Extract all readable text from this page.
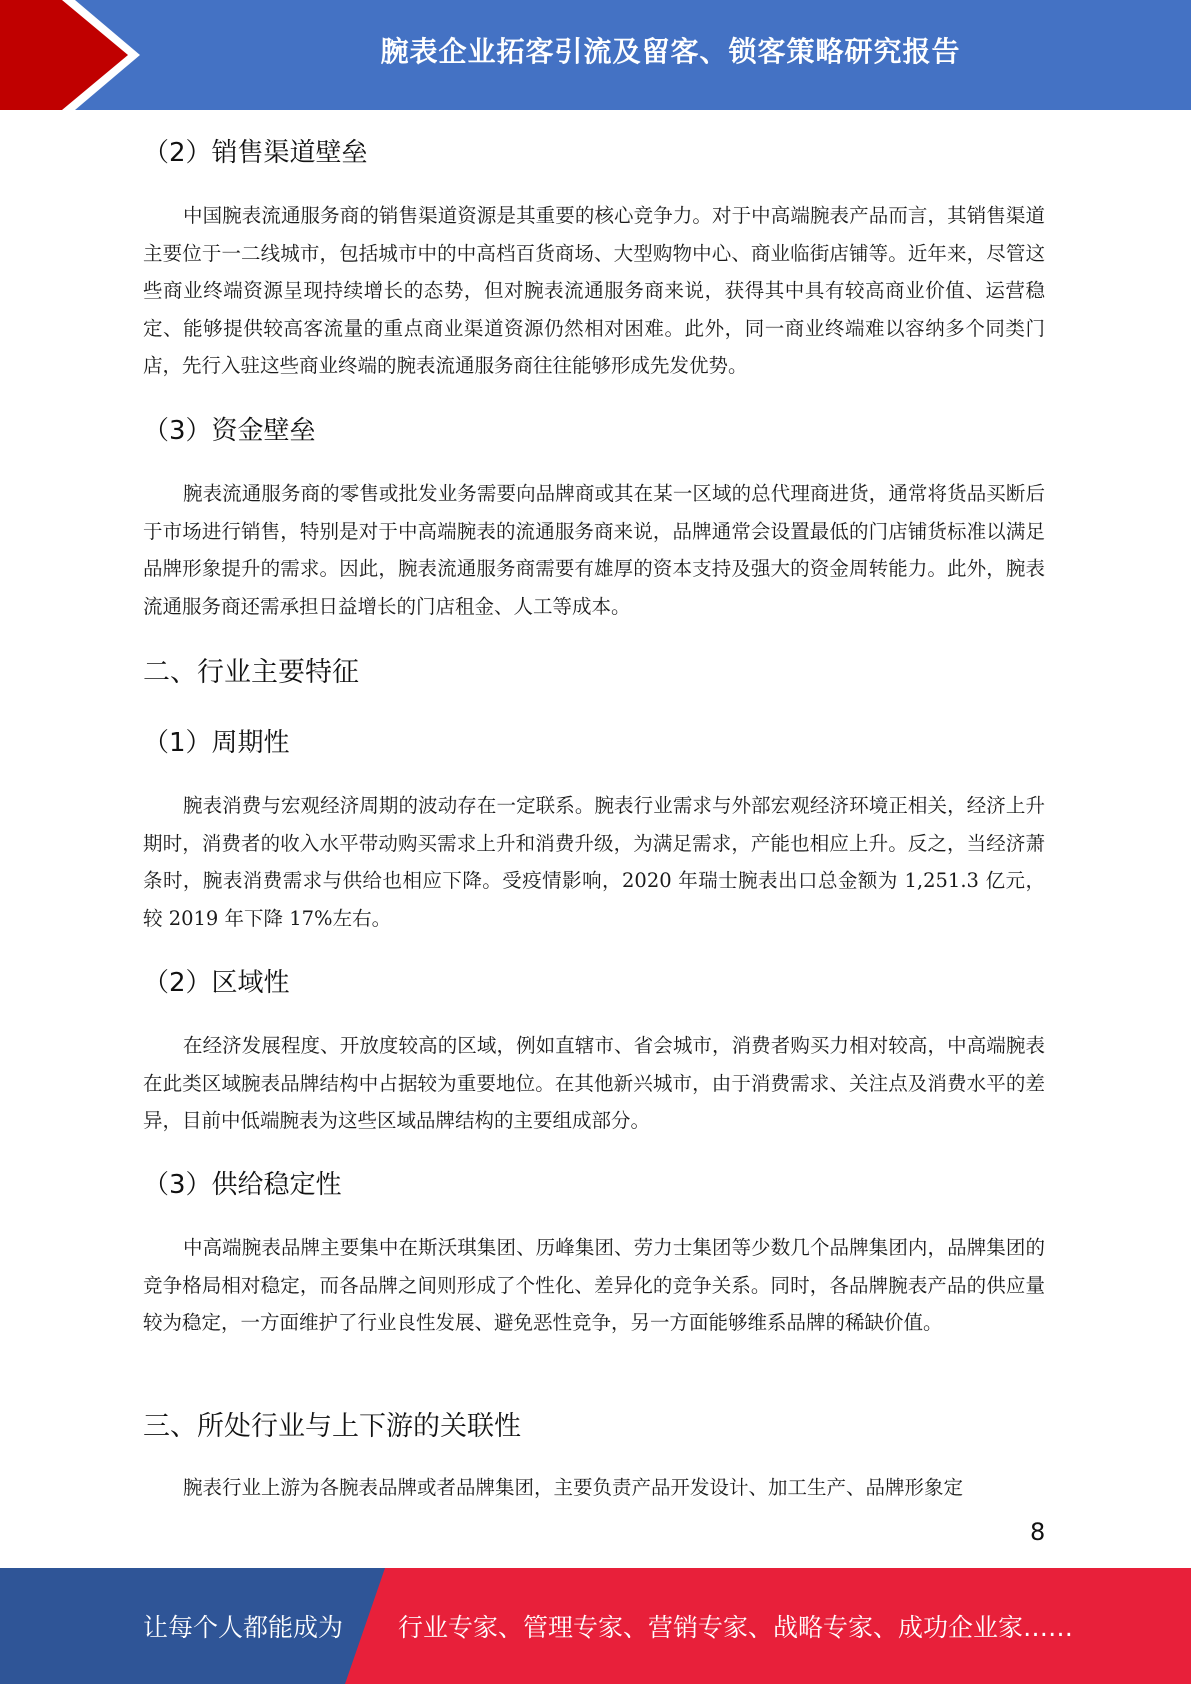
腕表企业拓客引流及留客、锁客策略研究报告
（2）销售渠道壁垒
中国腕表流通服务商的销售渠道资源是其重要的核心竞争力。对于中高端腕表产品而言，其销售渠道主要位于一二线城市，包括城市中的中高档百货商场、大型购物中心、商业临街店铺等。近年来，尽管这些商业终端资源呈现持续增长的态势，但对腕表流通服务商来说，获得其中具有较高商业价值、运营稳定、能够提供较高客流量的重点商业渠道资源仍然相对困难。此外，同一商业终端难以容纳多个同类门店，先行入驻这些商业终端的腕表流通服务商往往能够形成先发优势。
（3）资金壁垒
腕表流通服务商的零售或批发业务需要向品牌商或其在某一区域的总代理商进货，通常将货品买断后于市场进行销售，特别是对于中高端腕表的流通服务商来说，品牌通常会设置最低的门店铺货标准以满足品牌形象提升的需求。因此，腕表流通服务商需要有雄厚的资本支持及强大的资金周转能力。此外，腕表流通服务商还需承担日益增长的门店租金、人工等成本。
二、行业主要特征
（1）周期性
腕表消费与宏观经济周期的波动存在一定联系。腕表行业需求与外部宏观经济环境正相关，经济上升期时，消费者的收入水平带动购买需求上升和消费升级，为满足需求，产能也相应上升。反之，当经济萧条时，腕表消费需求与供给也相应下降。受疫情影响，2020 年瑞士腕表出口总金额为 1,251.3 亿元，较 2019 年下降 17%左右。
（2）区域性
在经济发展程度、开放度较高的区域，例如直辖市、省会城市，消费者购买力相对较高，中高端腕表在此类区域腕表品牌结构中占据较为重要地位。在其他新兴城市，由于消费需求、关注点及消费水平的差异，目前中低端腕表为这些区域品牌结构的主要组成部分。
（3）供给稳定性
中高端腕表品牌主要集中在斯沃琪集团、历峰集团、劳力士集团等少数几个品牌集团内，品牌集团的竞争格局相对稳定，而各品牌之间则形成了个性化、差异化的竞争关系。同时，各品牌腕表产品的供应量较为稳定，一方面维护了行业良性发展、避免恶性竞争，另一方面能够维系品牌的稀缺价值。
三、所处行业与上下游的关联性
腕表行业上游为各腕表品牌或者品牌集团，主要负责产品开发设计、加工生产、品牌形象定
8
让每个人都能成为 行业专家、管理专家、营销专家、战略专家、成功企业家……
